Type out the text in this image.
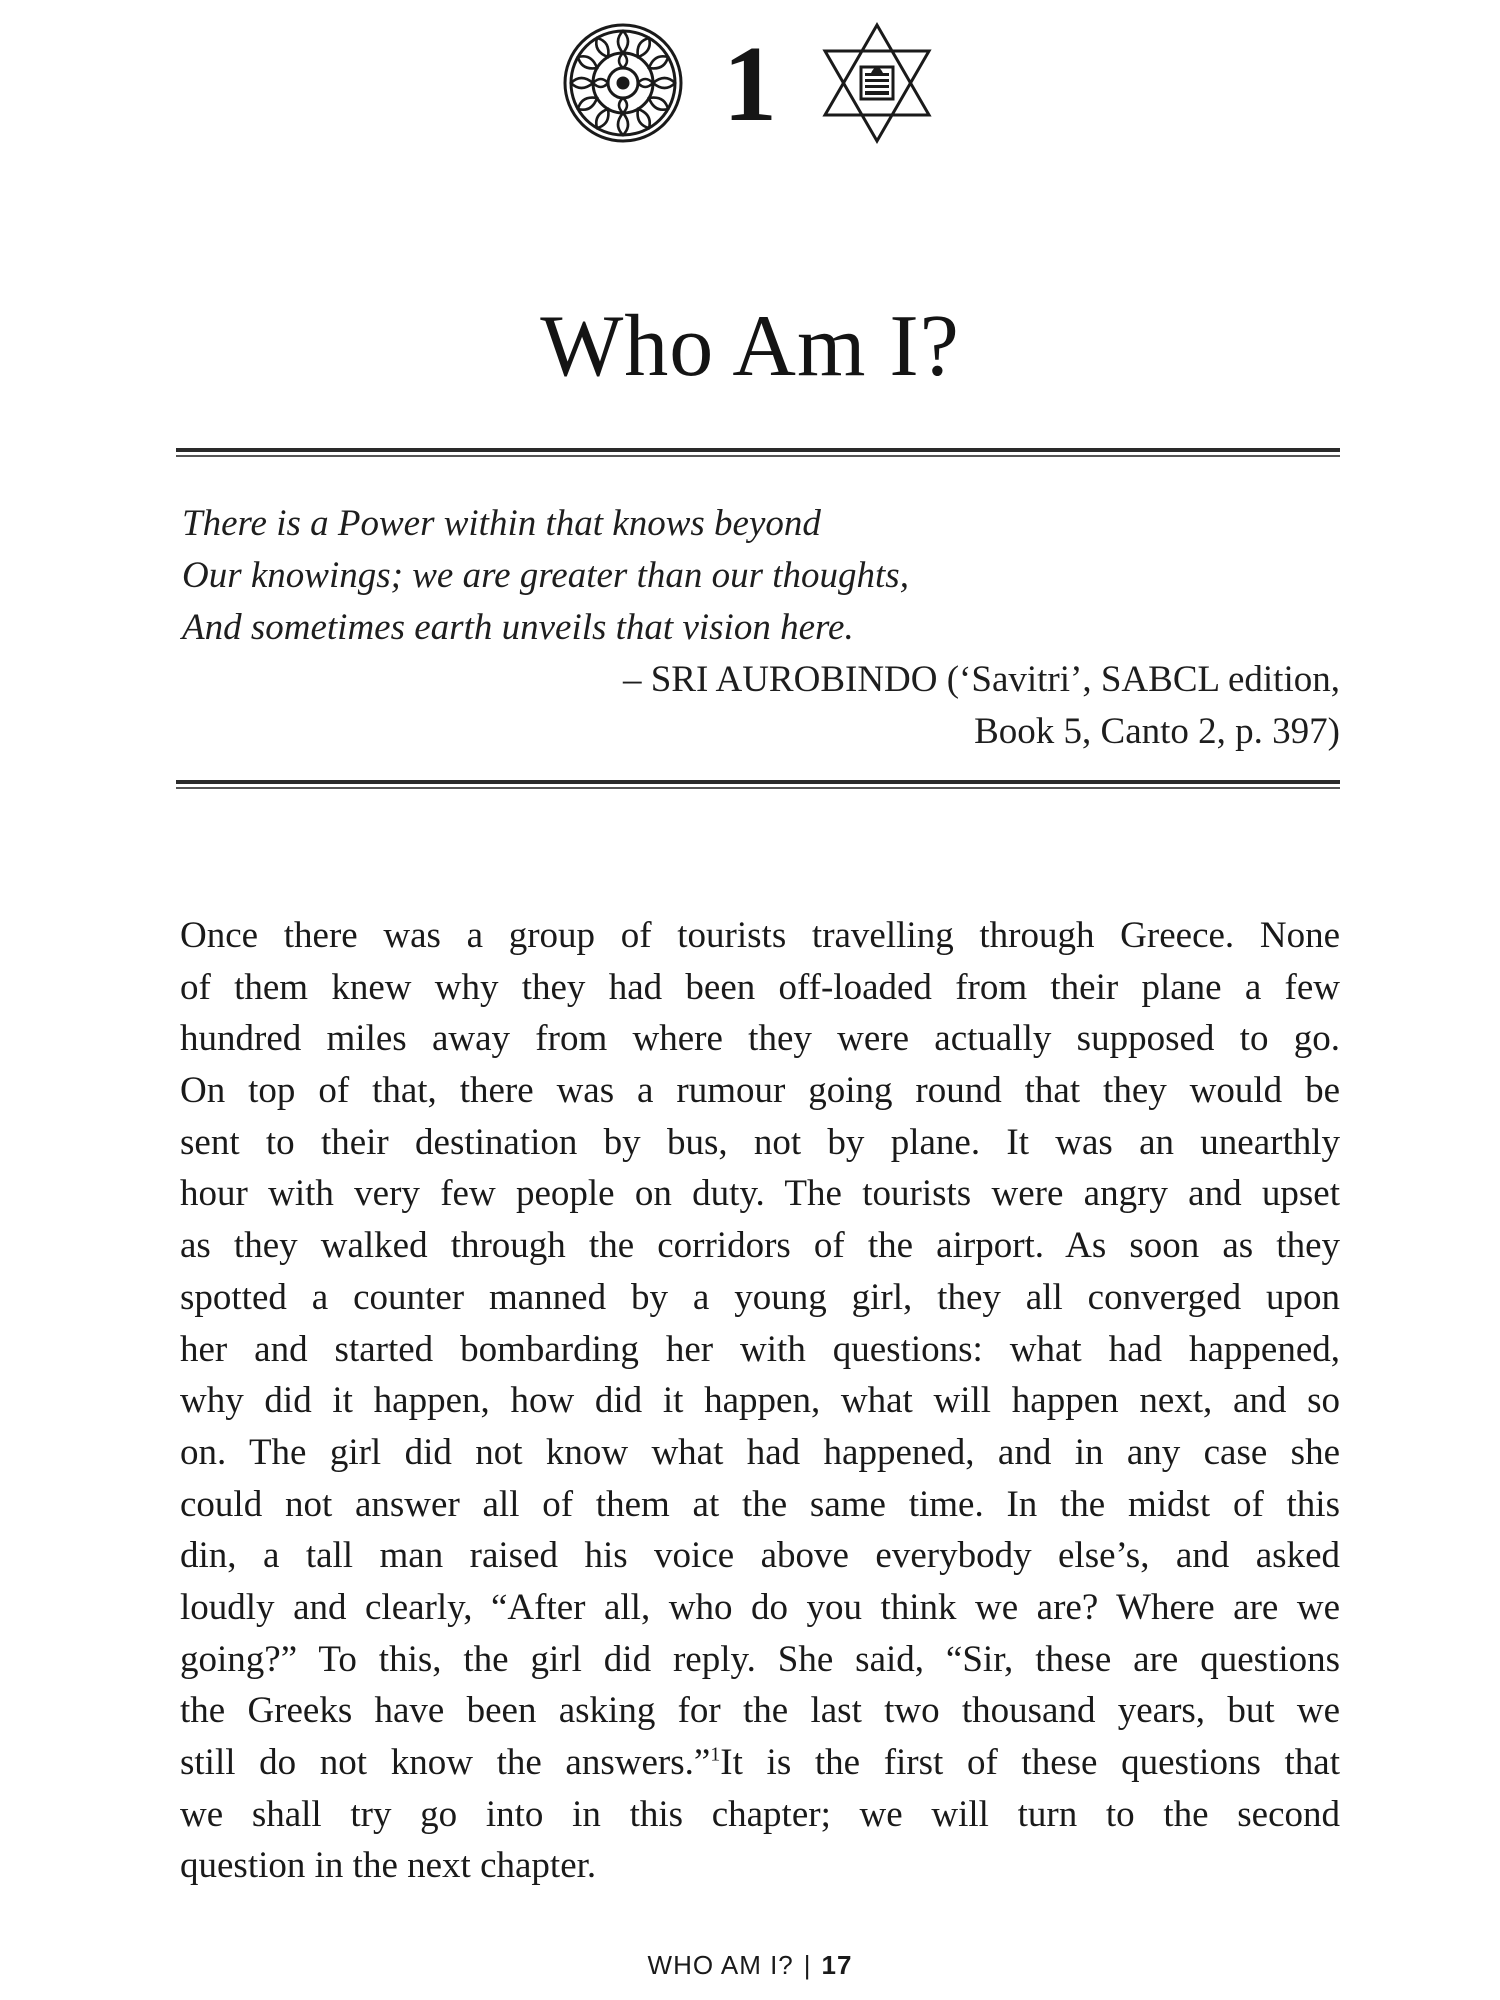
1
Who Am I?
There is a Power within that knows beyond
Our knowings; we are greater than our thoughts,
And sometimes earth unveils that vision here.
– SRI AUROBINDO (‘Savitri’, SABCL edition,
Book 5, Canto 2, p. 397)
Once there was a group of tourists travelling through Greece. None
of them knew why they had been off-loaded from their plane a few
hundred miles away from where they were actually supposed to go.
On top of that, there was a rumour going round that they would be
sent to their destination by bus, not by plane. It was an unearthly
hour with very few people on duty. The tourists were angry and upset
as they walked through the corridors of the airport. As soon as they
spotted a counter manned by a young girl, they all converged upon
her and started bombarding her with questions: what had happened,
why did it happen, how did it happen, what will happen next, and so
on. The girl did not know what had happened, and in any case she
could not answer all of them at the same time. In the midst of this
din, a tall man raised his voice above everybody else’s, and asked
loudly and clearly, “After all, who do you think we are? Where are we
going?” To this, the girl did reply. She said, “Sir, these are questions
the Greeks have been asking for the last two thousand years, but we
still do not know the answers.”$^1$It is the first of these questions that
we shall try go into in this chapter; we will turn to the second
question in the next chapter.
WHO AM I? | 17
